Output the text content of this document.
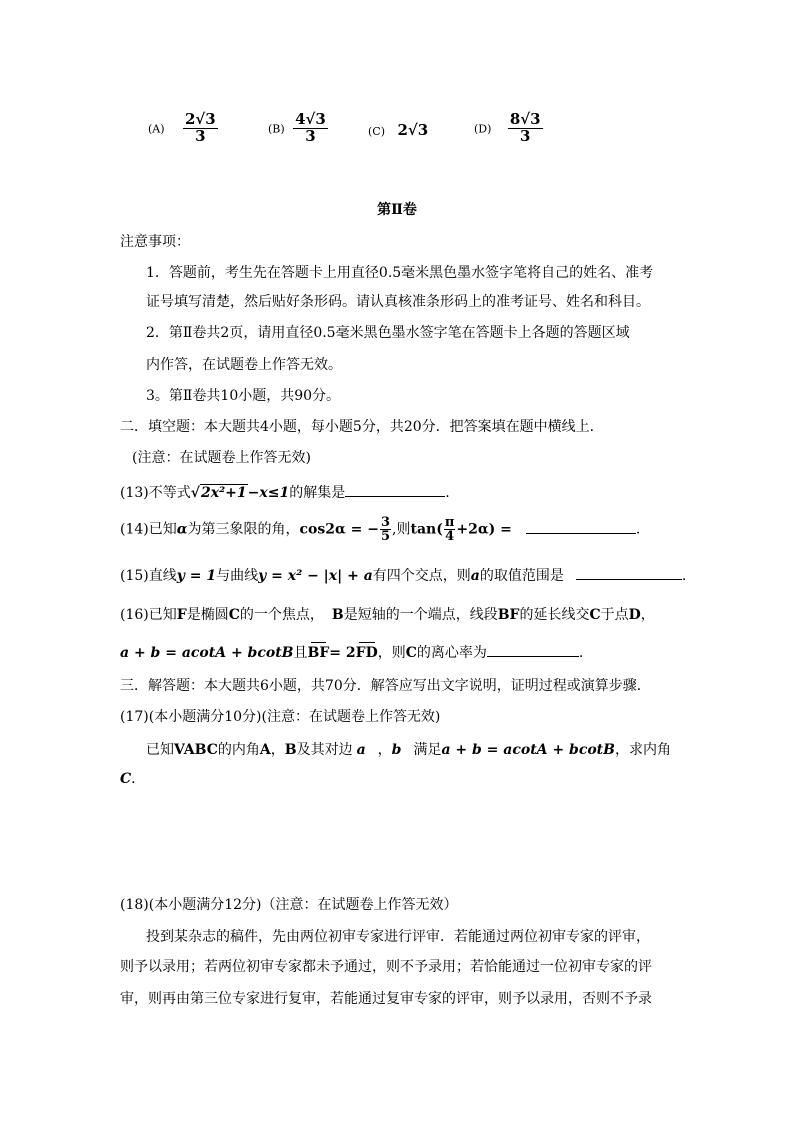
$(A) \frac{2√3}{3}$	$(B) \frac{4√3}{3}$	(C) 2√3	$(D) \frac{8√3}{3}$
第Ⅱ卷
注意事项：
1．答题前，考生先在答题卡上用直径0.5毫米黑色墨水签字笔将自己的姓名、准考
证号填写清楚，然后贴好条形码。请认真核准条形码上的准考证号、姓名和科目。
2．第Ⅱ卷共2页，请用直径0.5毫米黑色墨水签字笔在答题卡上各题的答题区域
内作答，在试题卷上作答无效。
3。第Ⅱ卷共10小题，共90分。
二．填空题：本大题共4小题，每小题5分，共20分．把答案填在题中横线上．
(注意：在试题卷上作答无效)
(13)不等式√2x²+1−x≤1的解集是	.
(14)已知α为第三象限的角，cos2α = − $\frac{3}{5}$ ,则$\tan( \frac{\pi}{4} +2\alpha)$ =	.
(15)直线y = 1与曲线y = x² − |x| + a有四个交点，则a的取值范围是	.
(16)已知F是椭圆C的一个焦点， B是短轴的一个端点，线段BF的延长线交C于点D，
a + b = acotA + bcotB且BF= 2FD，则C的离心率为	.
三．解答题：本大题共6小题，共70分．解答应写出文字说明，证明过程或演算步骤．
(17)(本小题满分10分)(注意：在试题卷上作答无效)
已知VABC的内角A，B及其对边 a ，b 满足a + b = acotA + bcotB，求内角
C．
(18)(本小题满分12分)（注意：在试题卷上作答无效）
投到某杂志的稿件，先由两位初审专家进行评审．若能通过两位初审专家的评审，
则予以录用；若两位初审专家都未予通过，则不予录用；若恰能通过一位初审专家的评
审，则再由第三位专家进行复审，若能通过复审专家的评审，则予以录用，否则不予录
